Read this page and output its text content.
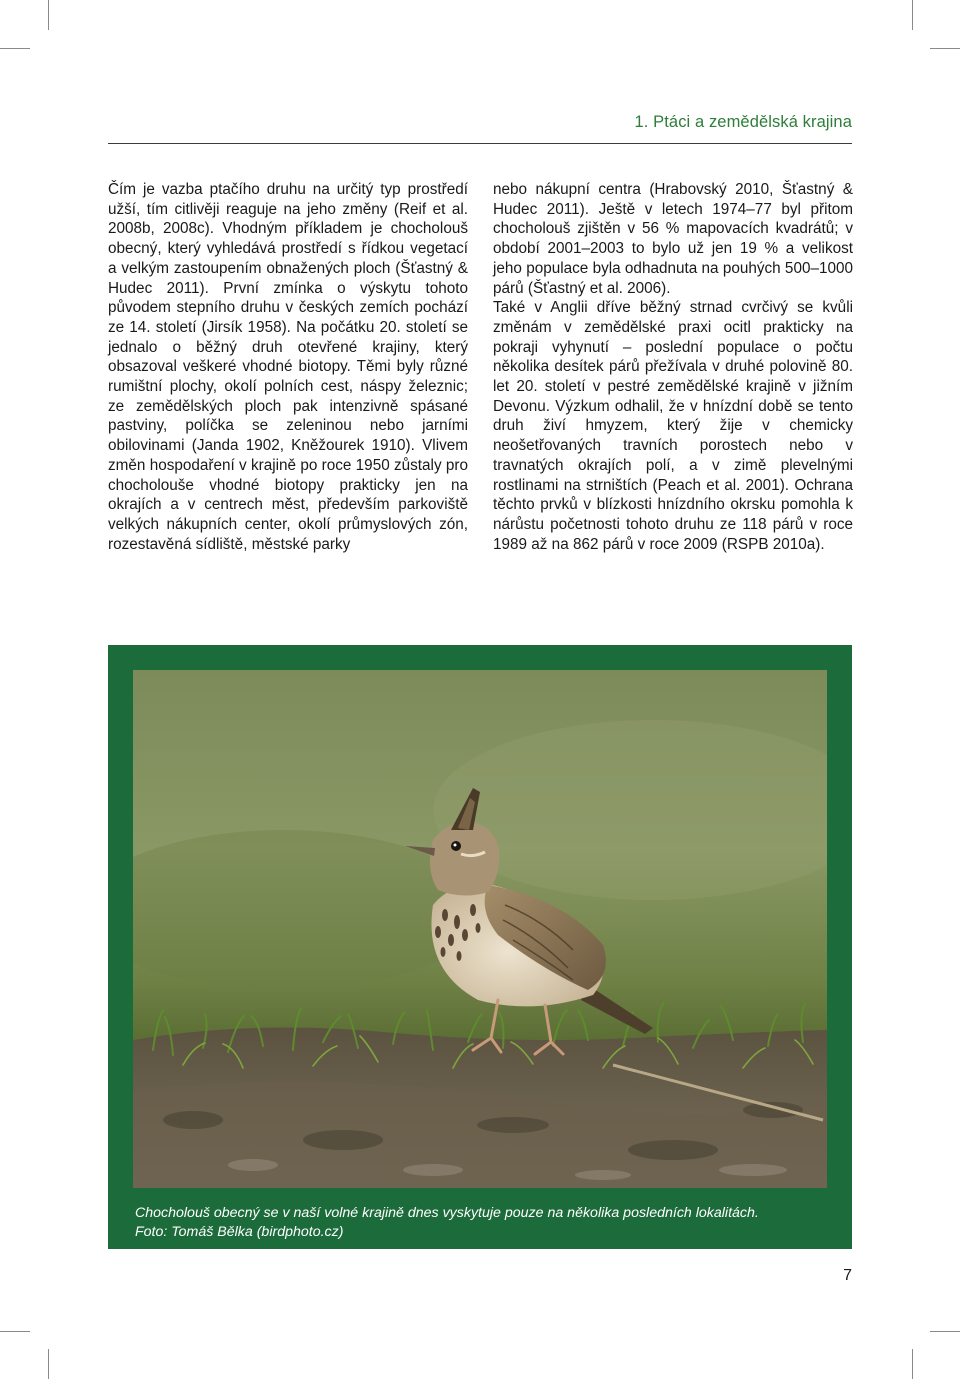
1. Ptáci a zemědělská krajina

Čím je vazba ptačího druhu na určitý typ prostředí užší, tím citlivěji reaguje na jeho změny (Reif et al. 2008b, 2008c). Vhodným příkladem je chocholouš obecný, který vyhledává prostředí s řídkou vegetací a velkým zastoupením obnažených ploch (Šťastný & Hudec 2011). První zmínka o výskytu tohoto původem stepního druhu v českých zemích pochází ze 14. století (Jirsík 1958). Na počátku 20. století se jednalo o běžný druh otevřené krajiny, který obsazoval veškeré vhodné biotopy. Těmi byly různé rumištní plochy, okolí polních cest, náspy železnic; ze zemědělských ploch pak intenzivně spásané pastviny, políčka se zeleninou nebo jarními obilovinami (Janda 1902, Kněžourek 1910). Vlivem změn hospodaření v krajině po roce 1950 zůstaly pro chocholouše vhodné biotopy prakticky jen na okrajích a v centrech měst, především parkoviště velkých nákupních center, okolí průmyslových zón, rozestavěná sídliště, městské parky

nebo nákupní centra (Hrabovský 2010, Šťastný & Hudec 2011). Ještě v letech 1974–77 byl přitom chocholouš zjištěn v 56 % mapovacích kvadrátů; v období 2001–2003 to bylo už jen 19 % a velikost jeho populace byla odhadnuta na pouhých 500–1000 párů (Šťastný et al. 2006).

Také v Anglii dříve běžný strnad cvrčivý se kvůli změnám v zemědělské praxi ocitl prakticky na pokraji vyhynutí – poslední populace o počtu několika desítek párů přežívala v druhé polovině 80. let 20. století v pestré zemědělské krajině v jižním Devonu. Výzkum odhalil, že v hnízdní době se tento druh živí hmyzem, který žije v chemicky neošetřovaných travních porostech nebo v travnatých okrajích polí, a v zimě plevelnými rostlinami na strništích (Peach et al. 2001). Ochrana těchto prvků v blízkosti hnízdního okrsku pomohla k nárůstu početnosti tohoto druhu ze 118 párů v roce 1989 až na 862 párů v roce 2009 (RSPB 2010a).

Chocholouš obecný se v naší volné krajině dnes vyskytuje pouze na několika posledních lokalitách.
Foto: Tomáš Bělka (birdphoto.cz)
7
